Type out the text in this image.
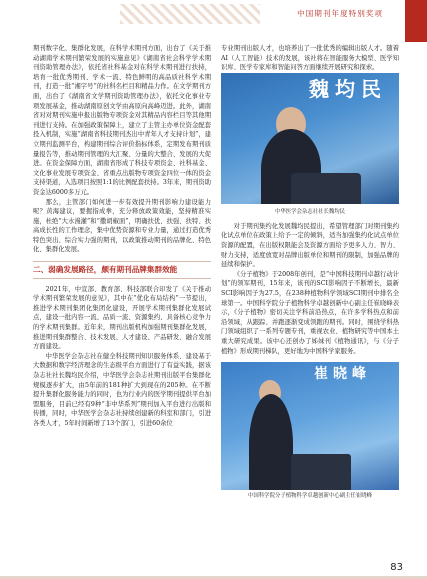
中国期刊年度特别奖项

期刊数字化、集群化发展，在科学术期刊方面，出台了《关于推动湖南学术期刊繁荣发展的实施意见》《湖南省社会科学学术期刊资助管理办法》，依托省社科基金对在科学术期刊进行扶持，培育一批优秀期刊、学术一流、特色鲜明的高品质社科学术期刊，打造一批“湘字号”的社科名栏目和精品力作。在文学期刊方面，出台了《湖南省文学期刊资助管理办法》，依托文化事业专项发展基金，推动湖南原创文学由高原向高峰迈进。此外，湖南省对对期刊实施申报出版物专项资金对其精品内容栏目等其他期刊进行支持。在加强政策保障上，建立了主管主办单位资金配套投入机制，实施“湖南省科技期刊杰出中青年人才支持计划”，建立期刊监测平台，构建期刊综合评价指标体系，定期发布期刊质量报告等，推动期刊管理的大汇聚、分量的大整合、发展的大促进。在资金保障方面，湖南省形成了科技专项资金、社科基金、文化事业发展专项资金、省重点出版物专项资金四位一体的资金支持渠道，入选项目按照1:1的比例配套扶持。3年来，期刊资助资金达6000多万元。

那么，主管部门如何进一步有效提升期刊影响力建设能力呢？黄海建议，要握指成拳，充分释放政策效能，坚持精准实施，杜绝“大水漫灌”和“撒胡椒面”，明确扶优、扶强、扶特、扶高成长性的工作理念，集中优势资源和专业力量，通过打造优秀特色突出、综合实力强的期刊，以政策推动期刊的品牌化、特色化、集群化发展。

二、弱确发展路径，颇有期刊品牌集群效能

2021年，中宣部、教育部、科技部联合印发了《关于推动学术期刊繁荣发展的意见》，其中在“优化布局结构”一节提出，推进学术期刊集团化集团化建设，开展学术期刊集群化发展试点，建设一批内容一流、品质一流、资源集约、具备核心竞争力的学术期刊集群。近年来，期刊出版机构加强期刊集群化发展，推进期刊集群整合、技术发展、人才建设、产品研发、融合发展方面建设。

中华医学会杂志社在健全科技期刊知识服务体系、建设基于大数据和数字经济理念的生态级平台方面进行了有益实践，据该杂志社社长魏均民介绍，中华医学会杂志社期刊出版平台集群化规模逐步扩大，由5年前的181种扩大到现在的205种。在不断提升集群化服务能力的同时，也为行业内的医学期刊提供平台加盟服务，目前已经有9种“非中华系列”期刊加入平台进行出版和传播，同时，中华医学会杂志社持续创建新的科室和部门，引进各类人才，5年时间新增了13个部门，引进60余位

专业期刊出版人才，也培养出了一批优秀的编辑出版人才。随着AI（人工智能）技术的发展，该社将在智能服务大模型、医学知识库、医学专家库和智能问答方面继续开展研究和探索。

魏均民
中华医学会杂志社社长魏均民

对于期刊集约化发展魏均民提出，希望管理部门对期刊集约化试点单位在政策上给予一定的倾斜，适当加强集约化试点单位资源的配置，在出版权限能会及资源方面给予更多人力、智力、财力支持，适度放宽对品牌出版单位和期刊的限制，加强品牌的延续和保护。

《分子植物》于2008年创刊，是“中国科技期刊卓越行动计划”的领军期刊，15年来，该刊的SCI影响因子不断增长，最新SCI影响因子为27.5，在238种植物科学领域SCI期刊中排名全球第一。中国科学院分子植物科学卓越创新中心副主任崔晓峰表示，《分子植物》密切关注学科前沿热点，在许多学科热点和前沿领域，从跟踪、并跑逐渐变成领跑的期刊。同时，围绕学科热门领域组织了一系列专题专刊，重视农业、植物研究等中国本土重大研究成果。该中心还创办了姊妹刊《植物通讯》，与《分子植物》形成期刊梯队，更好地为中国科学家服务。

崔晓峰
中国科学院分子植物科学卓越创新中心副主任崔晓峰
83
